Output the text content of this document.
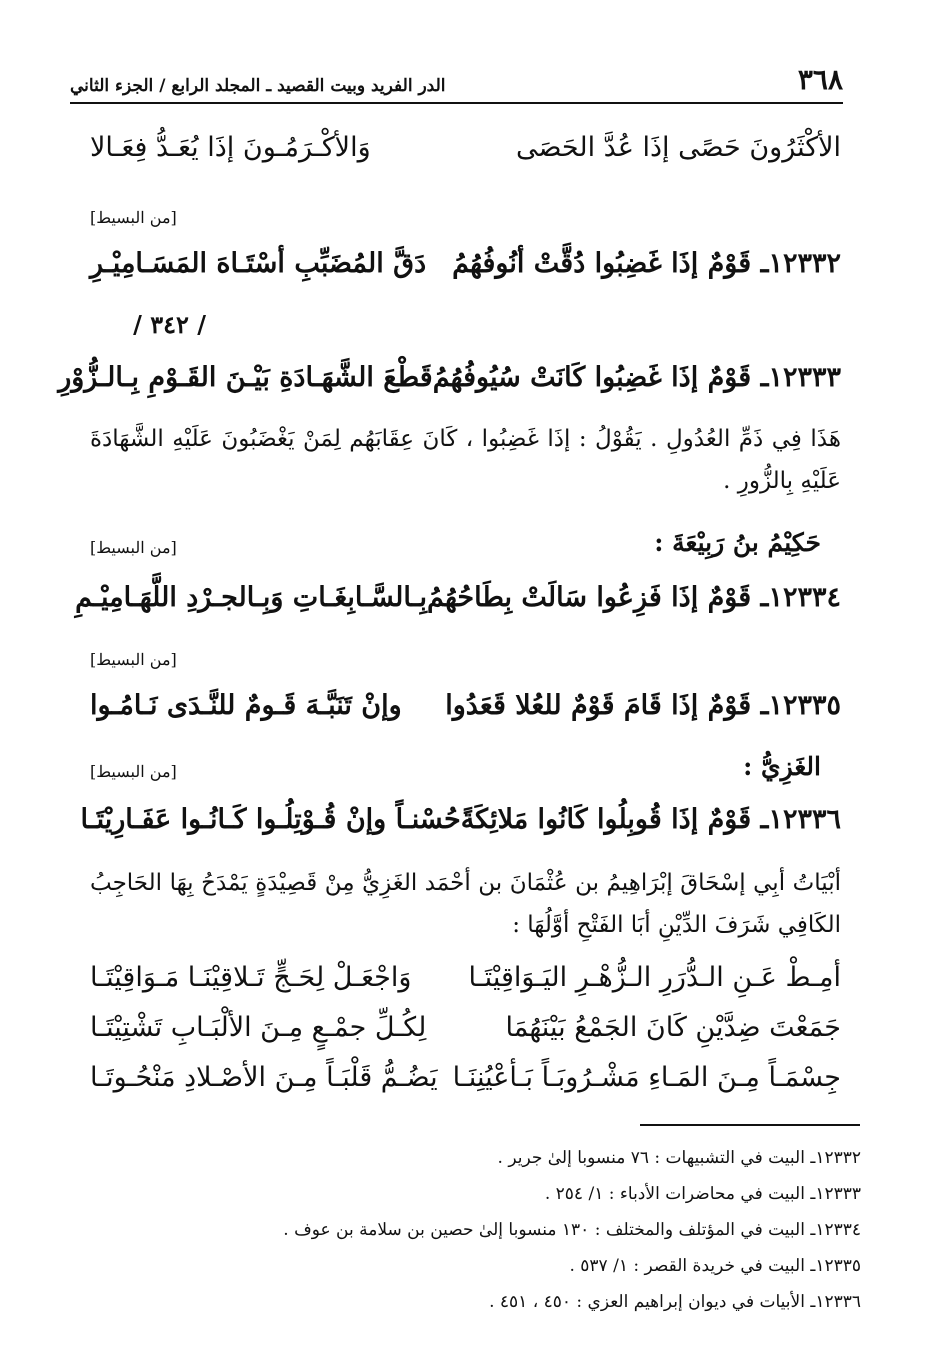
٣٦٨
الدر الفريد وبيت القصيد ـ المجلد الرابع / الجزء الثاني
الأكْثَرُونَ حَصًى إذَا عُدَّ الحَصَى
وَالأكْـرَمُـونَ إذَا يُعَـدُّ فِعَـالا
[من البسيط]
١٢٣٣٢ـ قَوْمٌ إذَا غَضِبُوا دُقَّتْ أنُوفُهُمُ
دَقَّ المُضَبِّبِ أسْتَـاهَ المَسَـامِيْـرِ
/ ٣٤٢ /
١٢٣٣٣ـ قَوْمٌ إذَا غَضِبُوا كَانَتْ سُيُوفُهُمُ
قَطْعَ الشَّهَـادَةِ بَيْـنَ القَـوْمِ بِـالـزُّوْرِ
هَذَا فِي ذَمِّ العُدُولِ . يَقُوْلُ : إذَا غَضِبُوا ، كَانَ عِقَابَهُم لِمَنْ يَغْضَبُونَ عَلَيْهِ الشَّهَادَةَ عَلَيْهِ بِالزُّورِ .
حَكِيْمُ بنُ رَبِيْعَةَ :
[من البسيط]
١٢٣٣٤ـ قَوْمٌ إذَا فَزِعُوا سَالَتْ بِطَاحُهُمُ
بِـالسَّـابِغَـاتِ وَبِـالجـرْدِ اللَّهَـامِيْـمِ
[من البسيط]
١٢٣٣٥ـ قَوْمٌ إذَا قَامَ قَوْمٌ للعُلا قَعَدُوا
وإنْ تَنَبَّـهَ قَـومٌ للنَّـدَى نَـامُـوا
الغَزِيُّ :
[من البسيط]
١٢٣٣٦ـ قَوْمٌ إذَا قُوبِلُوا كَانُوا مَلائِكَةً
حُسْنـاً وإنْ قُـوْتِلُـوا كَـانُـوا عَفَـارِيْتَـا
أبْيَاتُ أبِي إسْحَاقَ إبْرَاهِيمُ بن عُثْمَانَ بن أحْمَد الغَزِيُّ مِنْ قَصِيْدَةٍ يَمْدَحُ بِهَا الحَاجِبُ الكَافِي شَرَفَ الدِّيْنِ أبَا الفَتْحِ أوَّلُهَا :
أمِـطْ عَـنِ الـدُّرَرِ الـزُّهْـرِ اليَـوَاقِيْتَـا
وَاجْعَـلْ لِحَـجٍّ تَـلاقِيْنَـا مَـوَاقِيْتَـا
جَمَعْتَ ضِدَّيْنِ كَانَ الجَمْعُ بَيْنَهُمَا
لِكُـلِّ جمْـعٍ مِـنَ الألْبَـابِ تَشْتِيْتَـا
جِسْمَـاً مِـنَ المَـاءِ مَشْـرُوبَـاً بَـأعْيُنِنَـا
يَضُـمُّ قَلْبَـاً مِـنَ الأصْـلادِ مَنْحُـوتَـا
١٢٣٣٢ـ البيت في التشبيهات : ٧٦ منسوبا إلىٰ جرير .
١٢٣٣٣ـ البيت في محاضرات الأدباء : ١/ ٢٥٤ .
١٢٣٣٤ـ البيت في المؤتلف والمختلف : ١٣٠ منسوبا إلىٰ حصين بن سلامة بن عوف .
١٢٣٣٥ـ البيت في خريدة القصر : ١/ ٥٣٧ .
١٢٣٣٦ـ الأبيات في ديوان إبراهيم العزي : ٤٥٠ ، ٤٥١ .
